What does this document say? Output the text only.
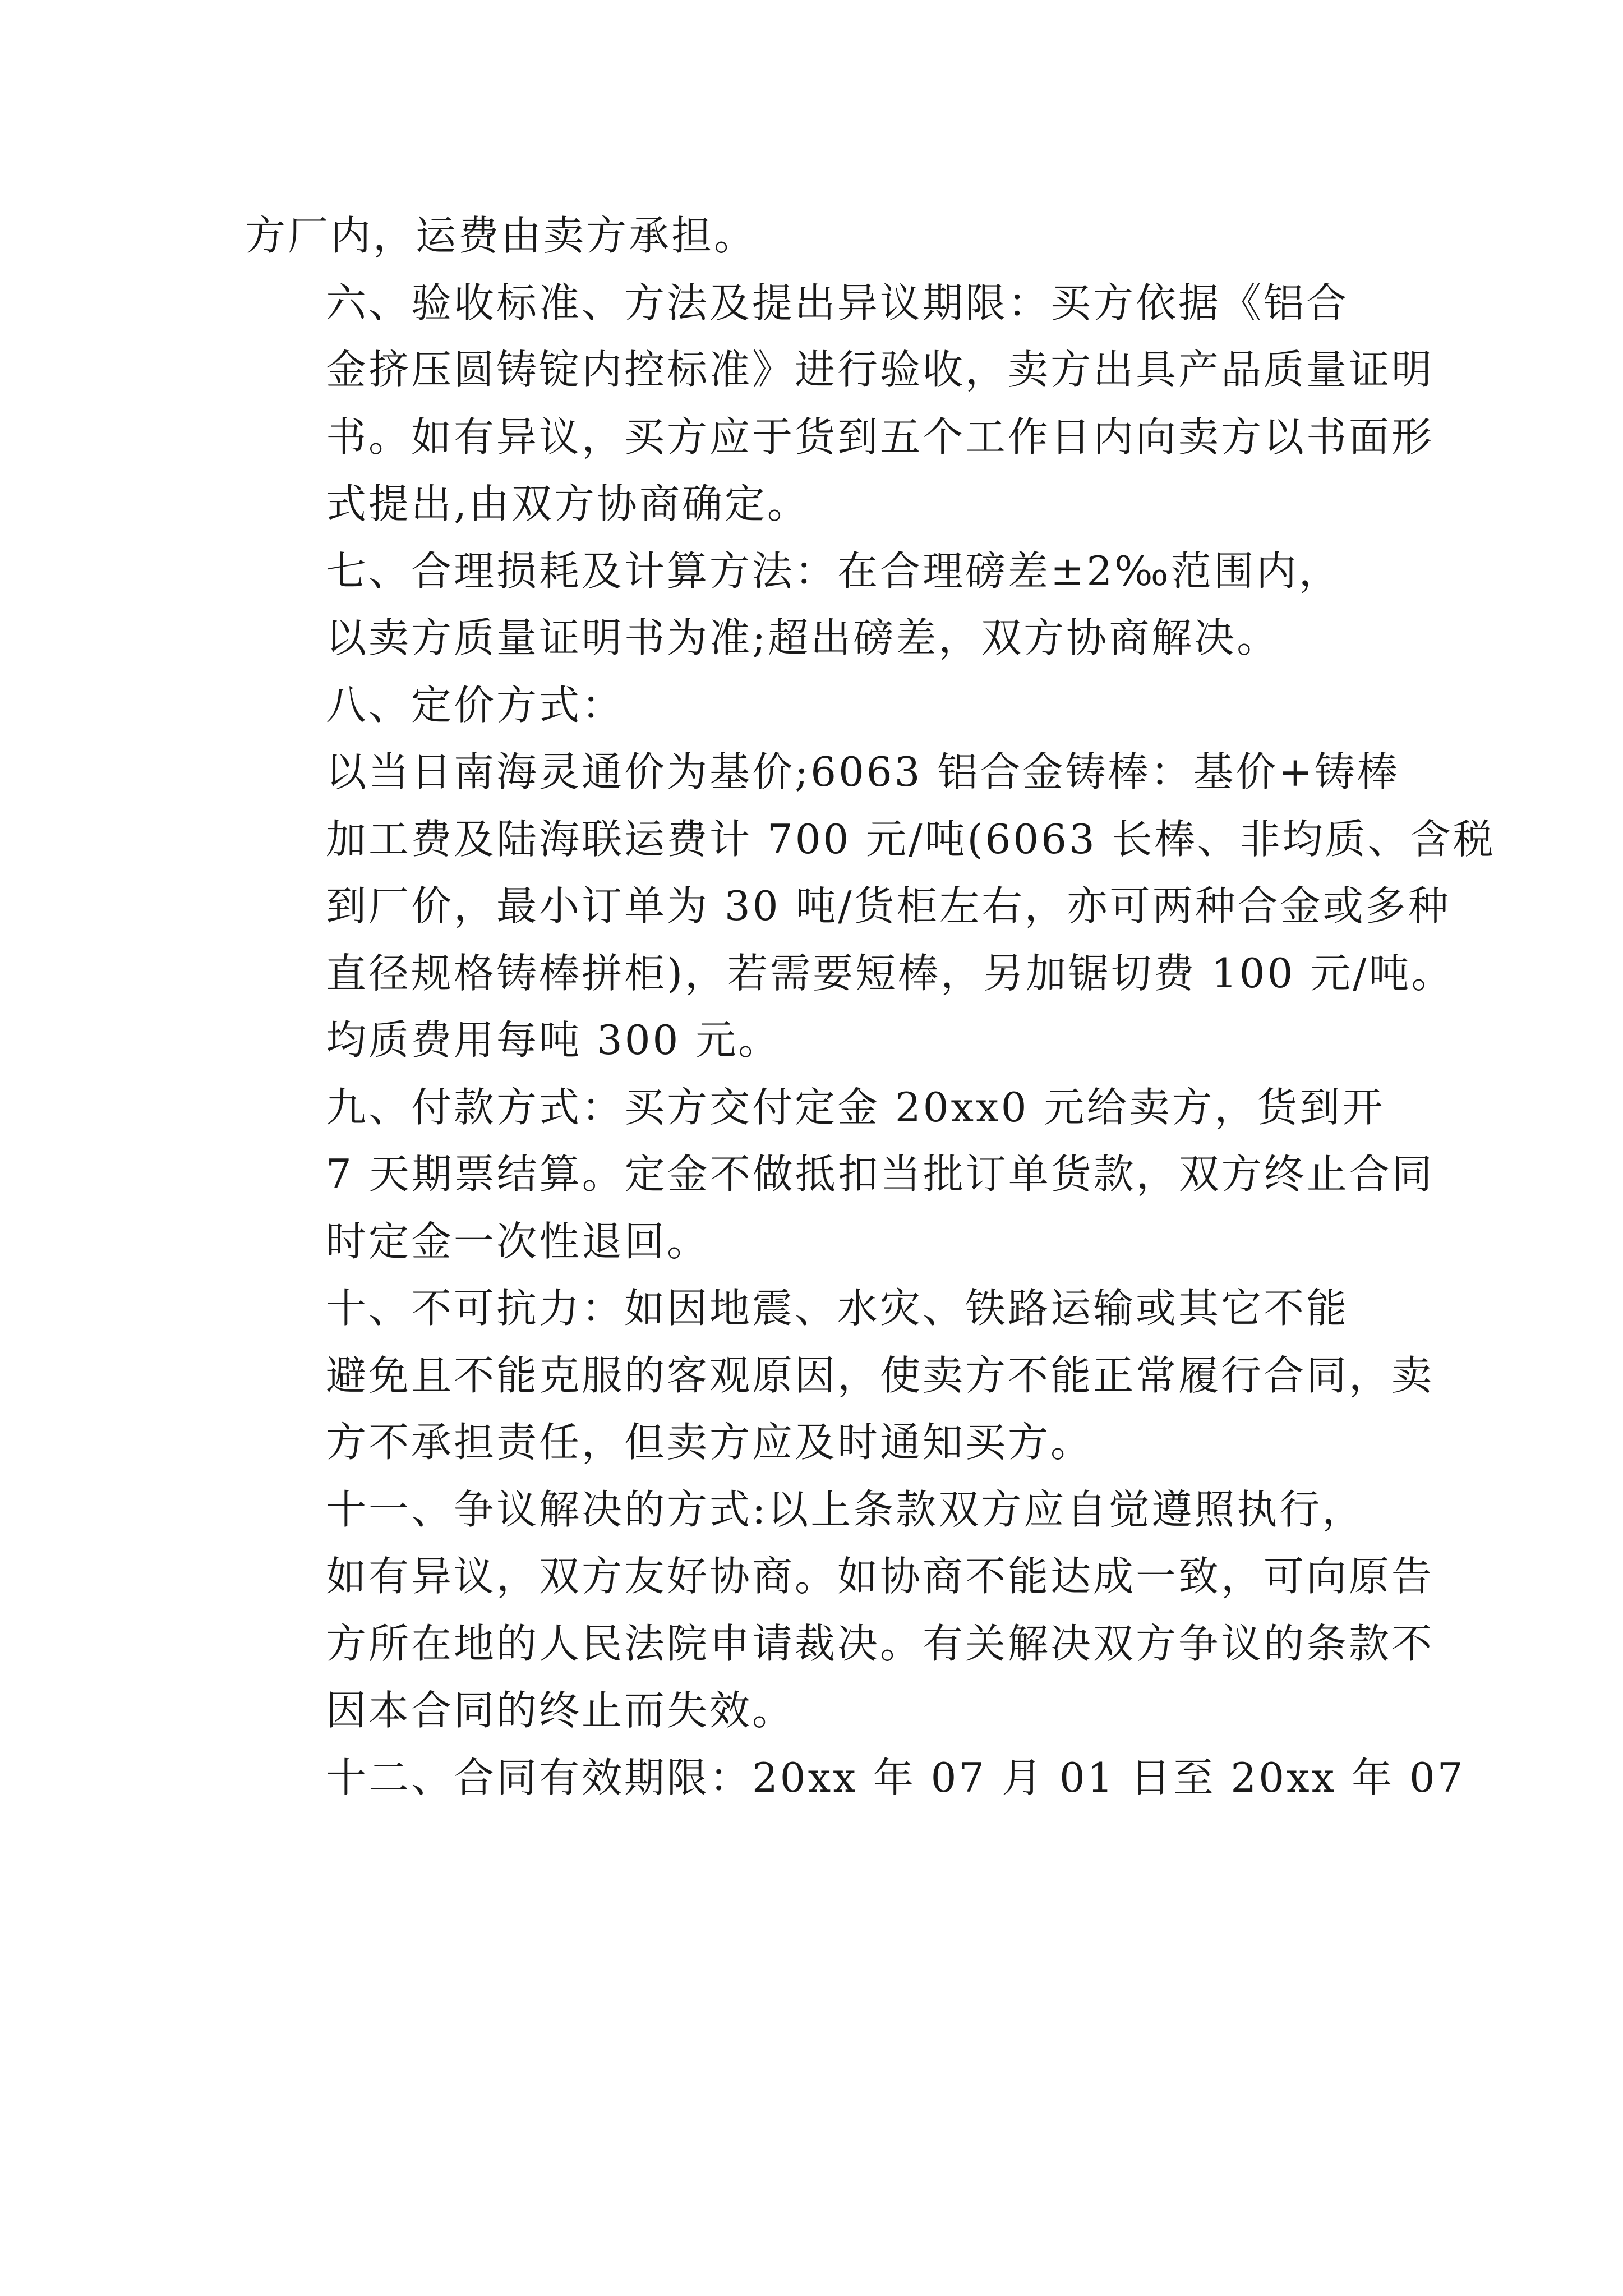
方厂内，运费由卖方承担。

六、验收标准、方法及提出异议期限：买方依据《铝合
金挤压圆铸锭内控标准》进行验收，卖方出具产品质量证明
书。如有异议，买方应于货到五个工作日内向卖方以书面形
式提出,由双方协商确定。

七、合理损耗及计算方法：在合理磅差±2‰范围内，
以卖方质量证明书为准;超出磅差，双方协商解决。

八、定价方式：

以当日南海灵通价为基价;6063 铝合金铸棒：基价+铸棒
加工费及陆海联运费计 700 元/吨(6063 长棒、非均质、含税
到厂价，最小订单为 30 吨/货柜左右，亦可两种合金或多种
直径规格铸棒拼柜)，若需要短棒，另加锯切费 100 元/吨。
均质费用每吨 300 元。

九、付款方式：买方交付定金 20xx0 元给卖方，货到开
7 天期票结算。定金不做抵扣当批订单货款，双方终止合同
时定金一次性退回。

十、不可抗力：如因地震、水灾、铁路运输或其它不能
避免且不能克服的客观原因，使卖方不能正常履行合同，卖
方不承担责任，但卖方应及时通知买方。

十一、争议解决的方式:以上条款双方应自觉遵照执行，
如有异议，双方友好协商。如协商不能达成一致，可向原告
方所在地的人民法院申请裁决。有关解决双方争议的条款不
因本合同的终止而失效。

十二、合同有效期限：20xx 年 07 月 01 日至 20xx 年 07
